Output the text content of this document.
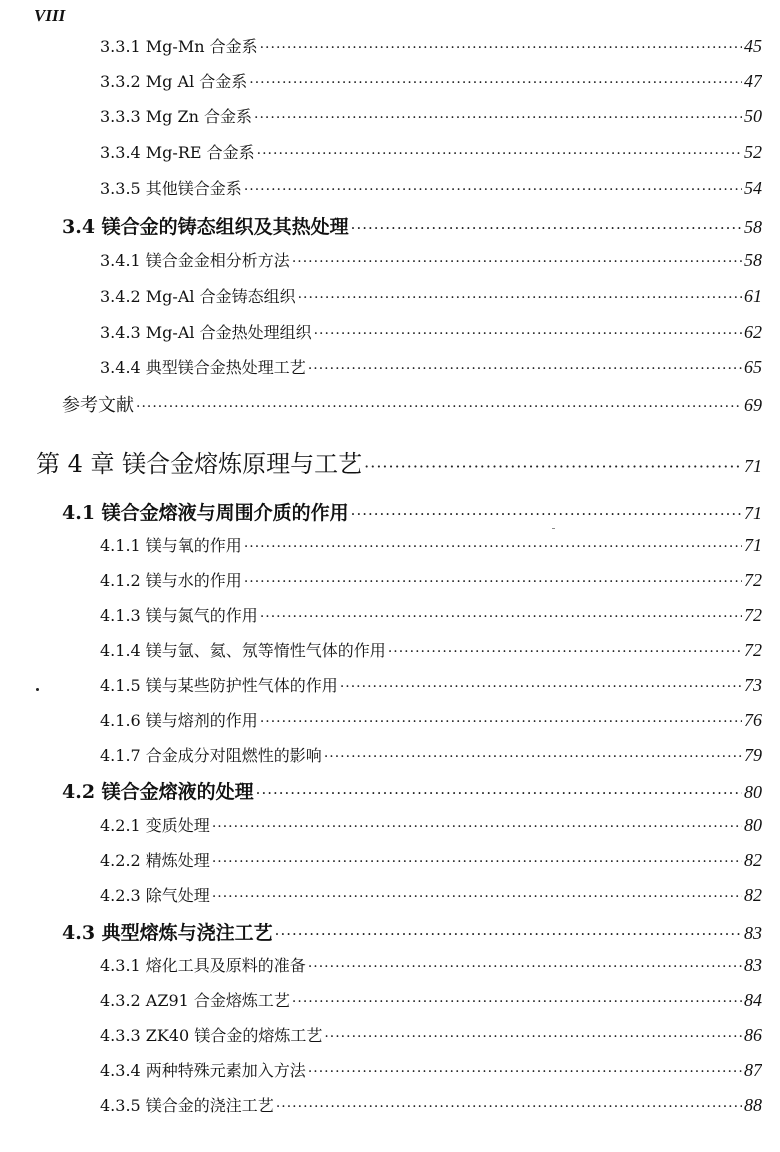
VIII
3.3.1 Mg-Mn 合金系 ·····	45
3.3.2 Mg Al 合金系 ·····	47
3.3.3 Mg Zn 合金系 ·····	50
3.3.4 Mg-RE 合金系 ·····	52
3.3.5 其他镁合金系 ·····	54
3.4 镁合金的铸态组织及其热处理 ·····	58
3.4.1 镁合金金相分析方法 ·····	58
3.4.2 Mg-Al 合金铸态组织 ·····	61
3.4.3 Mg-Al 合金热处理组织 ·····	62
3.4.4 典型镁合金热处理工艺 ·····	65
参考文献 ·····	69
第 4 章 镁合金熔炼原理与工艺 ·····	71
4.1 镁合金熔液与周围介质的作用 ·····	71
4.1.1 镁与氧的作用 ·····	71
4.1.2 镁与水的作用 ·····	72
4.1.3 镁与氮气的作用 ·····	72
4.1.4 镁与氩、氦、氖等惰性气体的作用 ·····	72
4.1.5 镁与某些防护性气体的作用 ·····	73
4.1.6 镁与熔剂的作用 ·····	76
4.1.7 合金成分对阻燃性的影响 ·····	79
4.2 镁合金熔液的处理 ·····	80
4.2.1 变质处理 ·····	80
4.2.2 精炼处理 ·····	82
4.2.3 除气处理 ·····	82
4.3 典型熔炼与浇注工艺 ·····	83
4.3.1 熔化工具及原料的准备 ·····	83
4.3.2 AZ91 合金熔炼工艺 ·····	84
4.3.3 ZK40 镁合金的熔炼工艺 ·····	86
4.3.4 两种特殊元素加入方法 ·····	87
4.3.5 镁合金的浇注工艺 ·····	88
